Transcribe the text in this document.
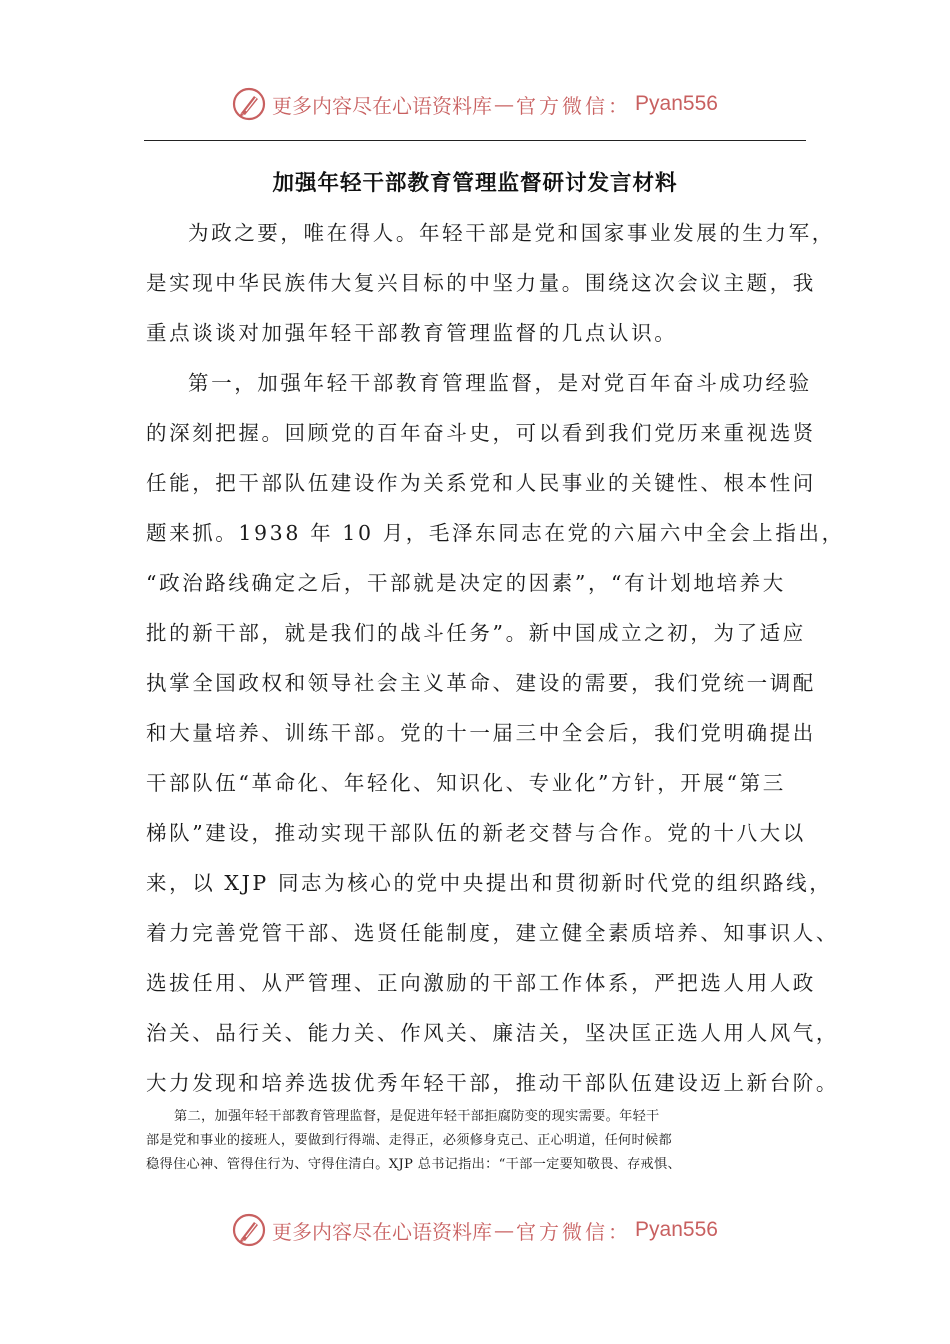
更多内容尽在心语资料库 — 官方微信： Pyan556
加强年轻干部教育管理监督研讨发言材料
为政之要，唯在得人。年轻干部是党和国家事业发展的生力军，
是实现中华民族伟大复兴目标的中坚力量。围绕这次会议主题，我
重点谈谈对加强年轻干部教育管理监督的几点认识。
第一，加强年轻干部教育管理监督，是对党百年奋斗成功经验
的深刻把握。回顾党的百年奋斗史，可以看到我们党历来重视选贤
任能，把干部队伍建设作为关系党和人民事业的关键性、根本性问
题来抓。1938 年 10 月，毛泽东同志在党的六届六中全会上指出，
“政治路线确定之后，干部就是决定的因素”，“有计划地培养大
批的新干部，就是我们的战斗任务”。新中国成立之初，为了适应
执掌全国政权和领导社会主义革命、建设的需要，我们党统一调配
和大量培养、训练干部。党的十一届三中全会后，我们党明确提出
干部队伍“革命化、年轻化、知识化、专业化”方针，开展“第三
梯队”建设，推动实现干部队伍的新老交替与合作。党的十八大以
来，以 XJP 同志为核心的党中央提出和贯彻新时代党的组织路线，
着力完善党管干部、选贤任能制度，建立健全素质培养、知事识人、
选拔任用、从严管理、正向激励的干部工作体系，严把选人用人政
治关、品行关、能力关、作风关、廉洁关，坚决匡正选人用人风气，
大力发现和培养选拔优秀年轻干部，推动干部队伍建设迈上新台阶。
第二，加强年轻干部教育管理监督，是促进年轻干部拒腐防变的现实需要。年轻干
部是党和事业的接班人，要做到行得端、走得正，必须修身克己、正心明道，任何时候都
稳得住心神、管得住行为、守得住清白。XJP 总书记指出：“干部一定要知敬畏、存戒惧、
更多内容尽在心语资料库 — 官方微信： Pyan556
